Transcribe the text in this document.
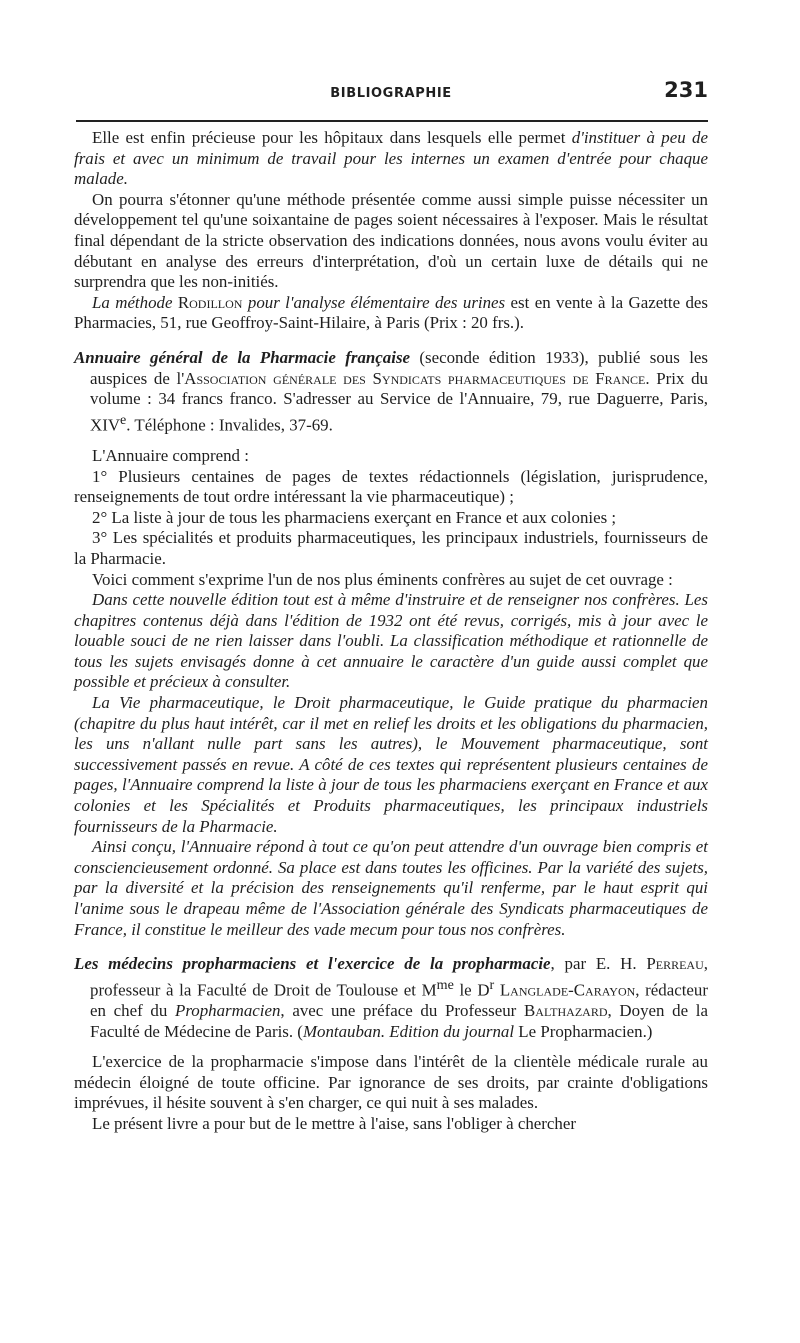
BIBLIOGRAPHIE	231

Elle est enfin précieuse pour les hôpitaux dans lesquels elle permet d'instituer à peu de frais et avec un minimum de travail pour les internes un examen d'entrée pour chaque malade.

On pourra s'étonner qu'une méthode présentée comme aussi simple puisse nécessiter un développement tel qu'une soixantaine de pages soient nécessaires à l'exposer. Mais le résultat final dépendant de la stricte observation des indications données, nous avons voulu éviter au débutant en analyse des erreurs d'interprétation, d'où un certain luxe de détails qui ne surprendra que les non-initiés.

La méthode Rodillon pour l'analyse élémentaire des urines est en vente à la Gazette des Pharmacies, 51, rue Geoffroy-Saint-Hilaire, à Paris (Prix : 20 frs.).

Annuaire général de la Pharmacie française (seconde édition 1933), publié sous les auspices de l'Association générale des Syndicats pharmaceutiques de France. Prix du volume : 34 francs franco. S'adresser au Service de l'Annuaire, 79, rue Daguerre, Paris, XIVe. Téléphone : Invalides, 37-69.

L'Annuaire comprend :

1° Plusieurs centaines de pages de textes rédactionnels (législation, jurisprudence, renseignements de tout ordre intéressant la vie pharmaceutique) ;

2° La liste à jour de tous les pharmaciens exerçant en France et aux colonies ;

3° Les spécialités et produits pharmaceutiques, les principaux industriels, fournisseurs de la Pharmacie.

Voici comment s'exprime l'un de nos plus éminents confrères au sujet de cet ouvrage :

Dans cette nouvelle édition tout est à même d'instruire et de renseigner nos confrères. Les chapitres contenus déjà dans l'édition de 1932 ont été revus, corrigés, mis à jour avec le louable souci de ne rien laisser dans l'oubli. La classification méthodique et rationnelle de tous les sujets envisagés donne à cet annuaire le caractère d'un guide aussi complet que possible et précieux à consulter.

La Vie pharmaceutique, le Droit pharmaceutique, le Guide pratique du pharmacien (chapitre du plus haut intérêt, car il met en relief les droits et les obligations du pharmacien, les uns n'allant nulle part sans les autres), le Mouvement pharmaceutique, sont successivement passés en revue. A côté de ces textes qui représentent plusieurs centaines de pages, l'Annuaire comprend la liste à jour de tous les pharmaciens exerçant en France et aux colonies et les Spécialités et Produits pharmaceutiques, les principaux industriels fournisseurs de la Pharmacie.

Ainsi conçu, l'Annuaire répond à tout ce qu'on peut attendre d'un ouvrage bien compris et consciencieusement ordonné. Sa place est dans toutes les officines. Par la variété des sujets, par la diversité et la précision des renseignements qu'il renferme, par le haut esprit qui l'anime sous le drapeau même de l'Association générale des Syndicats pharmaceutiques de France, il constitue le meilleur des vade mecum pour tous nos confrères.

Les médecins propharmaciens et l'exercice de la propharmacie, par E. H. Perreau, professeur à la Faculté de Droit de Toulouse et $M^{me}$ le $D^r$ Langlade-Carayon, rédacteur en chef du Propharmacien, avec une préface du Professeur Balthazard, Doyen de la Faculté de Médecine de Paris. (Montauban. Edition du journal Le Propharmacien.)

L'exercice de la propharmacie s'impose dans l'intérêt de la clientèle médicale rurale au médecin éloigné de toute officine. Par ignorance de ses droits, par crainte d'obligations imprévues, il hésite souvent à s'en charger, ce qui nuit à ses malades.

Le présent livre a pour but de le mettre à l'aise, sans l'obliger à chercher
